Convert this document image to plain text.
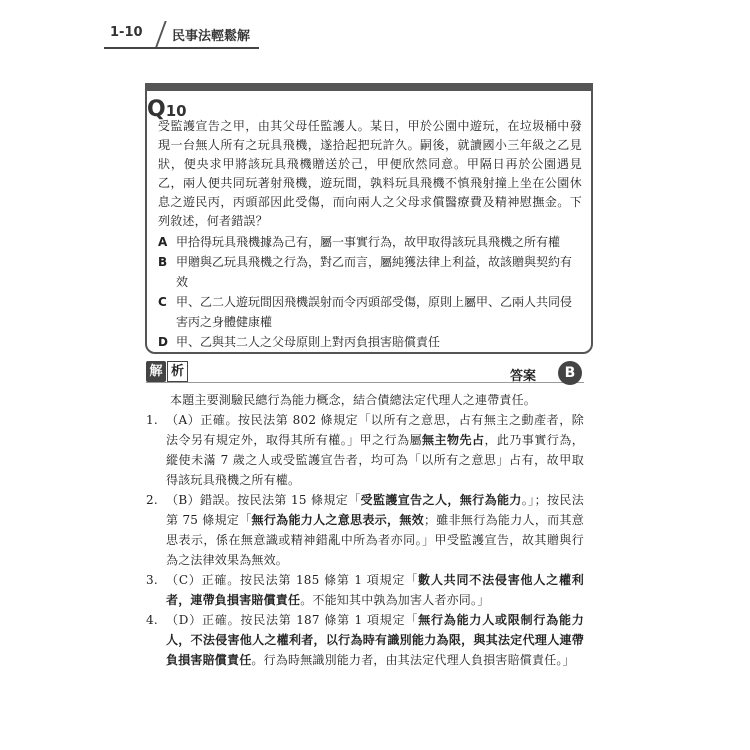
1-10 民事法輕鬆解
Q10
受監護宣告之甲，由其父母任監護人。某日，甲於公園中遊玩，在垃圾桶中發現一台無人所有之玩具飛機，遂拾起把玩許久。嗣後，就讀國小三年級之乙見狀，便央求甲將該玩具飛機贈送於己，甲便欣然同意。甲隔日再於公園遇見乙，兩人便共同玩著射飛機，遊玩間，孰料玩具飛機不慎飛射撞上坐在公園休息之遊民丙，丙頭部因此受傷，而向兩人之父母求償醫療費及精神慰撫金。下列敘述，何者錯誤？
A 甲拾得玩具飛機據為己有，屬一事實行為，故甲取得該玩具飛機之所有權
B 甲贈與乙玩具飛機之行為，對乙而言，屬純獲法律上利益，故該贈與契約有效
C 甲、乙二人遊玩間因飛機誤射而令丙頭部受傷，原則上屬甲、乙兩人共同侵害丙之身體健康權
D 甲、乙與其二人之父母原則上對丙負損害賠償責任
解 析	答案	B
本題主要測驗民總行為能力概念，結合債總法定代理人之連帶責任。
1. （A）正確。按民法第 802 條規定「以所有之意思，占有無主之動產者，除法令另有規定外，取得其所有權。」甲之行為屬無主物先占，此乃事實行為，縱使未滿 7 歲之人或受監護宣告者，均可為「以所有之意思」占有，故甲取得該玩具飛機之所有權。
2. （B）錯誤。按民法第 15 條規定「受監護宣告之人，無行為能力。」；按民法第 75 條規定「無行為能力人之意思表示，無效；雖非無行為能力人，而其意思表示，係在無意識或精神錯亂中所為者亦同。」甲受監護宣告，故其贈與行為之法律效果為無效。
3. （C）正確。按民法第 185 條第 1 項規定「數人共同不法侵害他人之權利者，連帶負損害賠償責任。不能知其中孰為加害人者亦同。」
4. （D）正確。按民法第 187 條第 1 項規定「無行為能力人或限制行為能力人，不法侵害他人之權利者，以行為時有識別能力為限，與其法定代理人連帶負損害賠償責任。行為時無識別能力者，由其法定代理人負損害賠償責任。」
